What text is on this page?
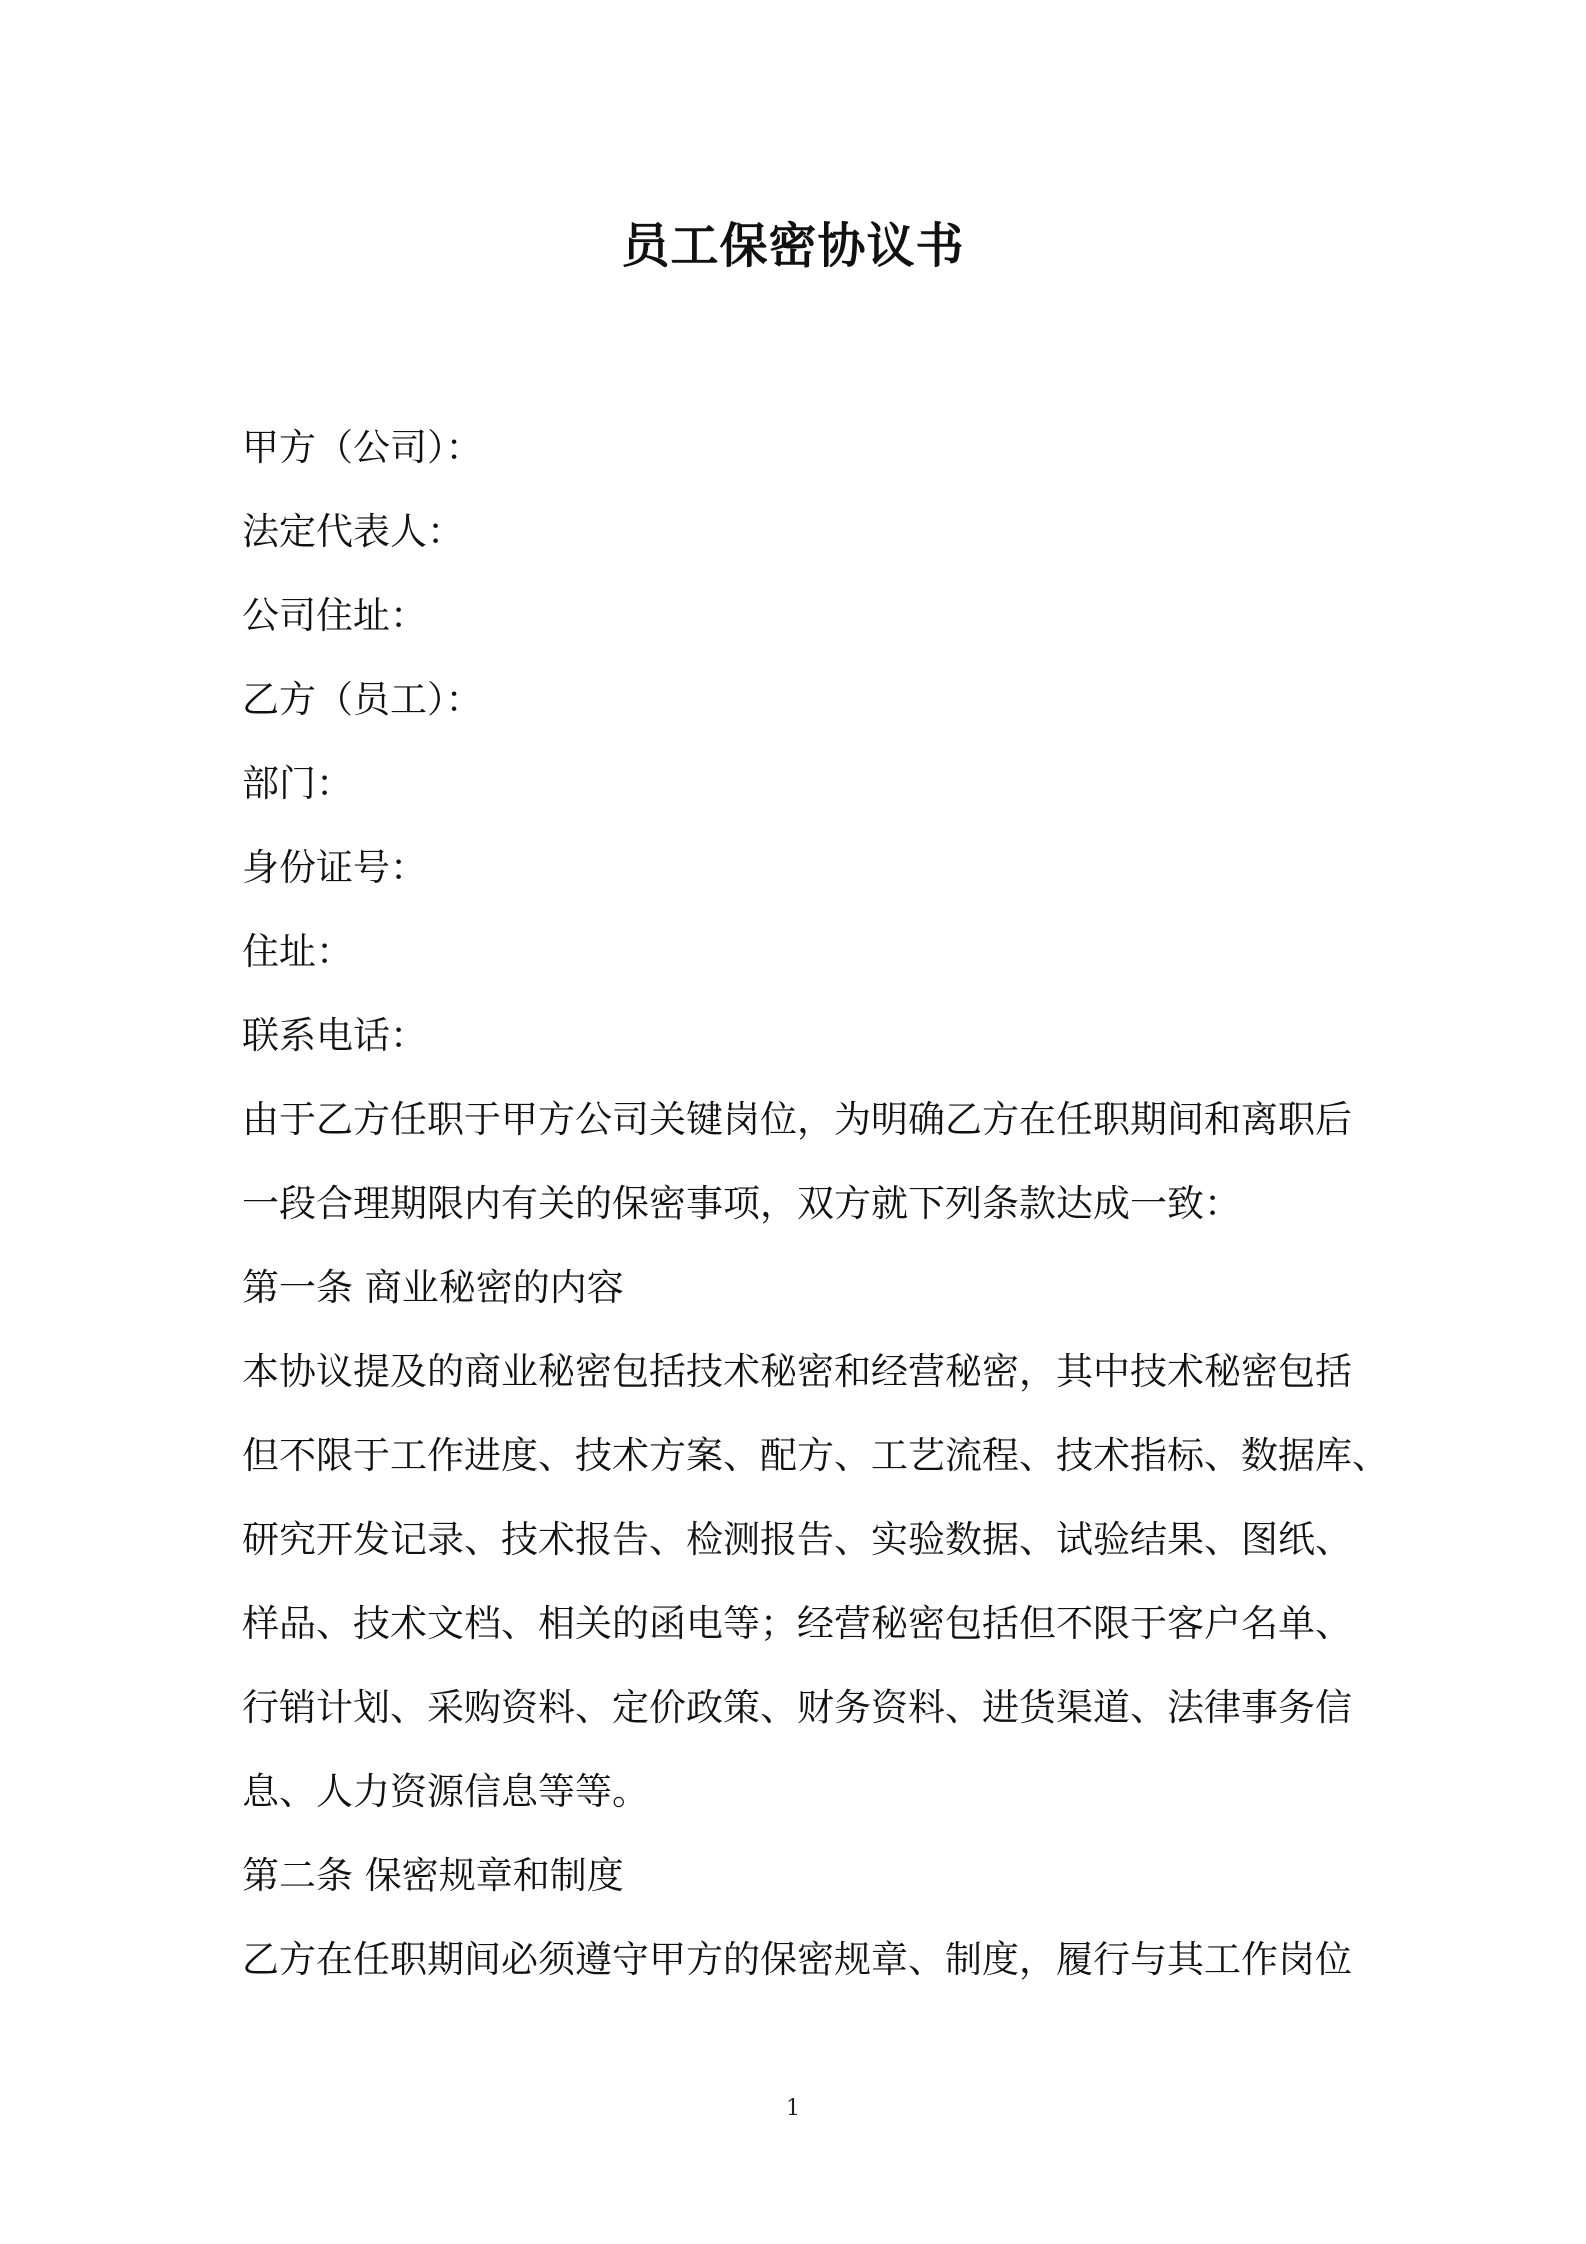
员工保密协议书
甲方（公司）：
法定代表人：
公司住址：
乙方（员工）：
部门：
身份证号：
住址：
联系电话：
由于乙方任职于甲方公司关键岗位，为明确乙方在任职期间和离职后
一段合理期限内有关的保密事项，双方就下列条款达成一致：
第一条 商业秘密的内容
本协议提及的商业秘密包括技术秘密和经营秘密，其中技术秘密包括
但不限于工作进度、技术方案、配方、工艺流程、技术指标、数据库、
研究开发记录、技术报告、检测报告、实验数据、试验结果、图纸、
样品、技术文档、相关的函电等；经营秘密包括但不限于客户名单、
行销计划、采购资料、定价政策、财务资料、进货渠道、法律事务信
息、人力资源信息等等。
第二条 保密规章和制度
乙方在任职期间必须遵守甲方的保密规章、制度，履行与其工作岗位
1
